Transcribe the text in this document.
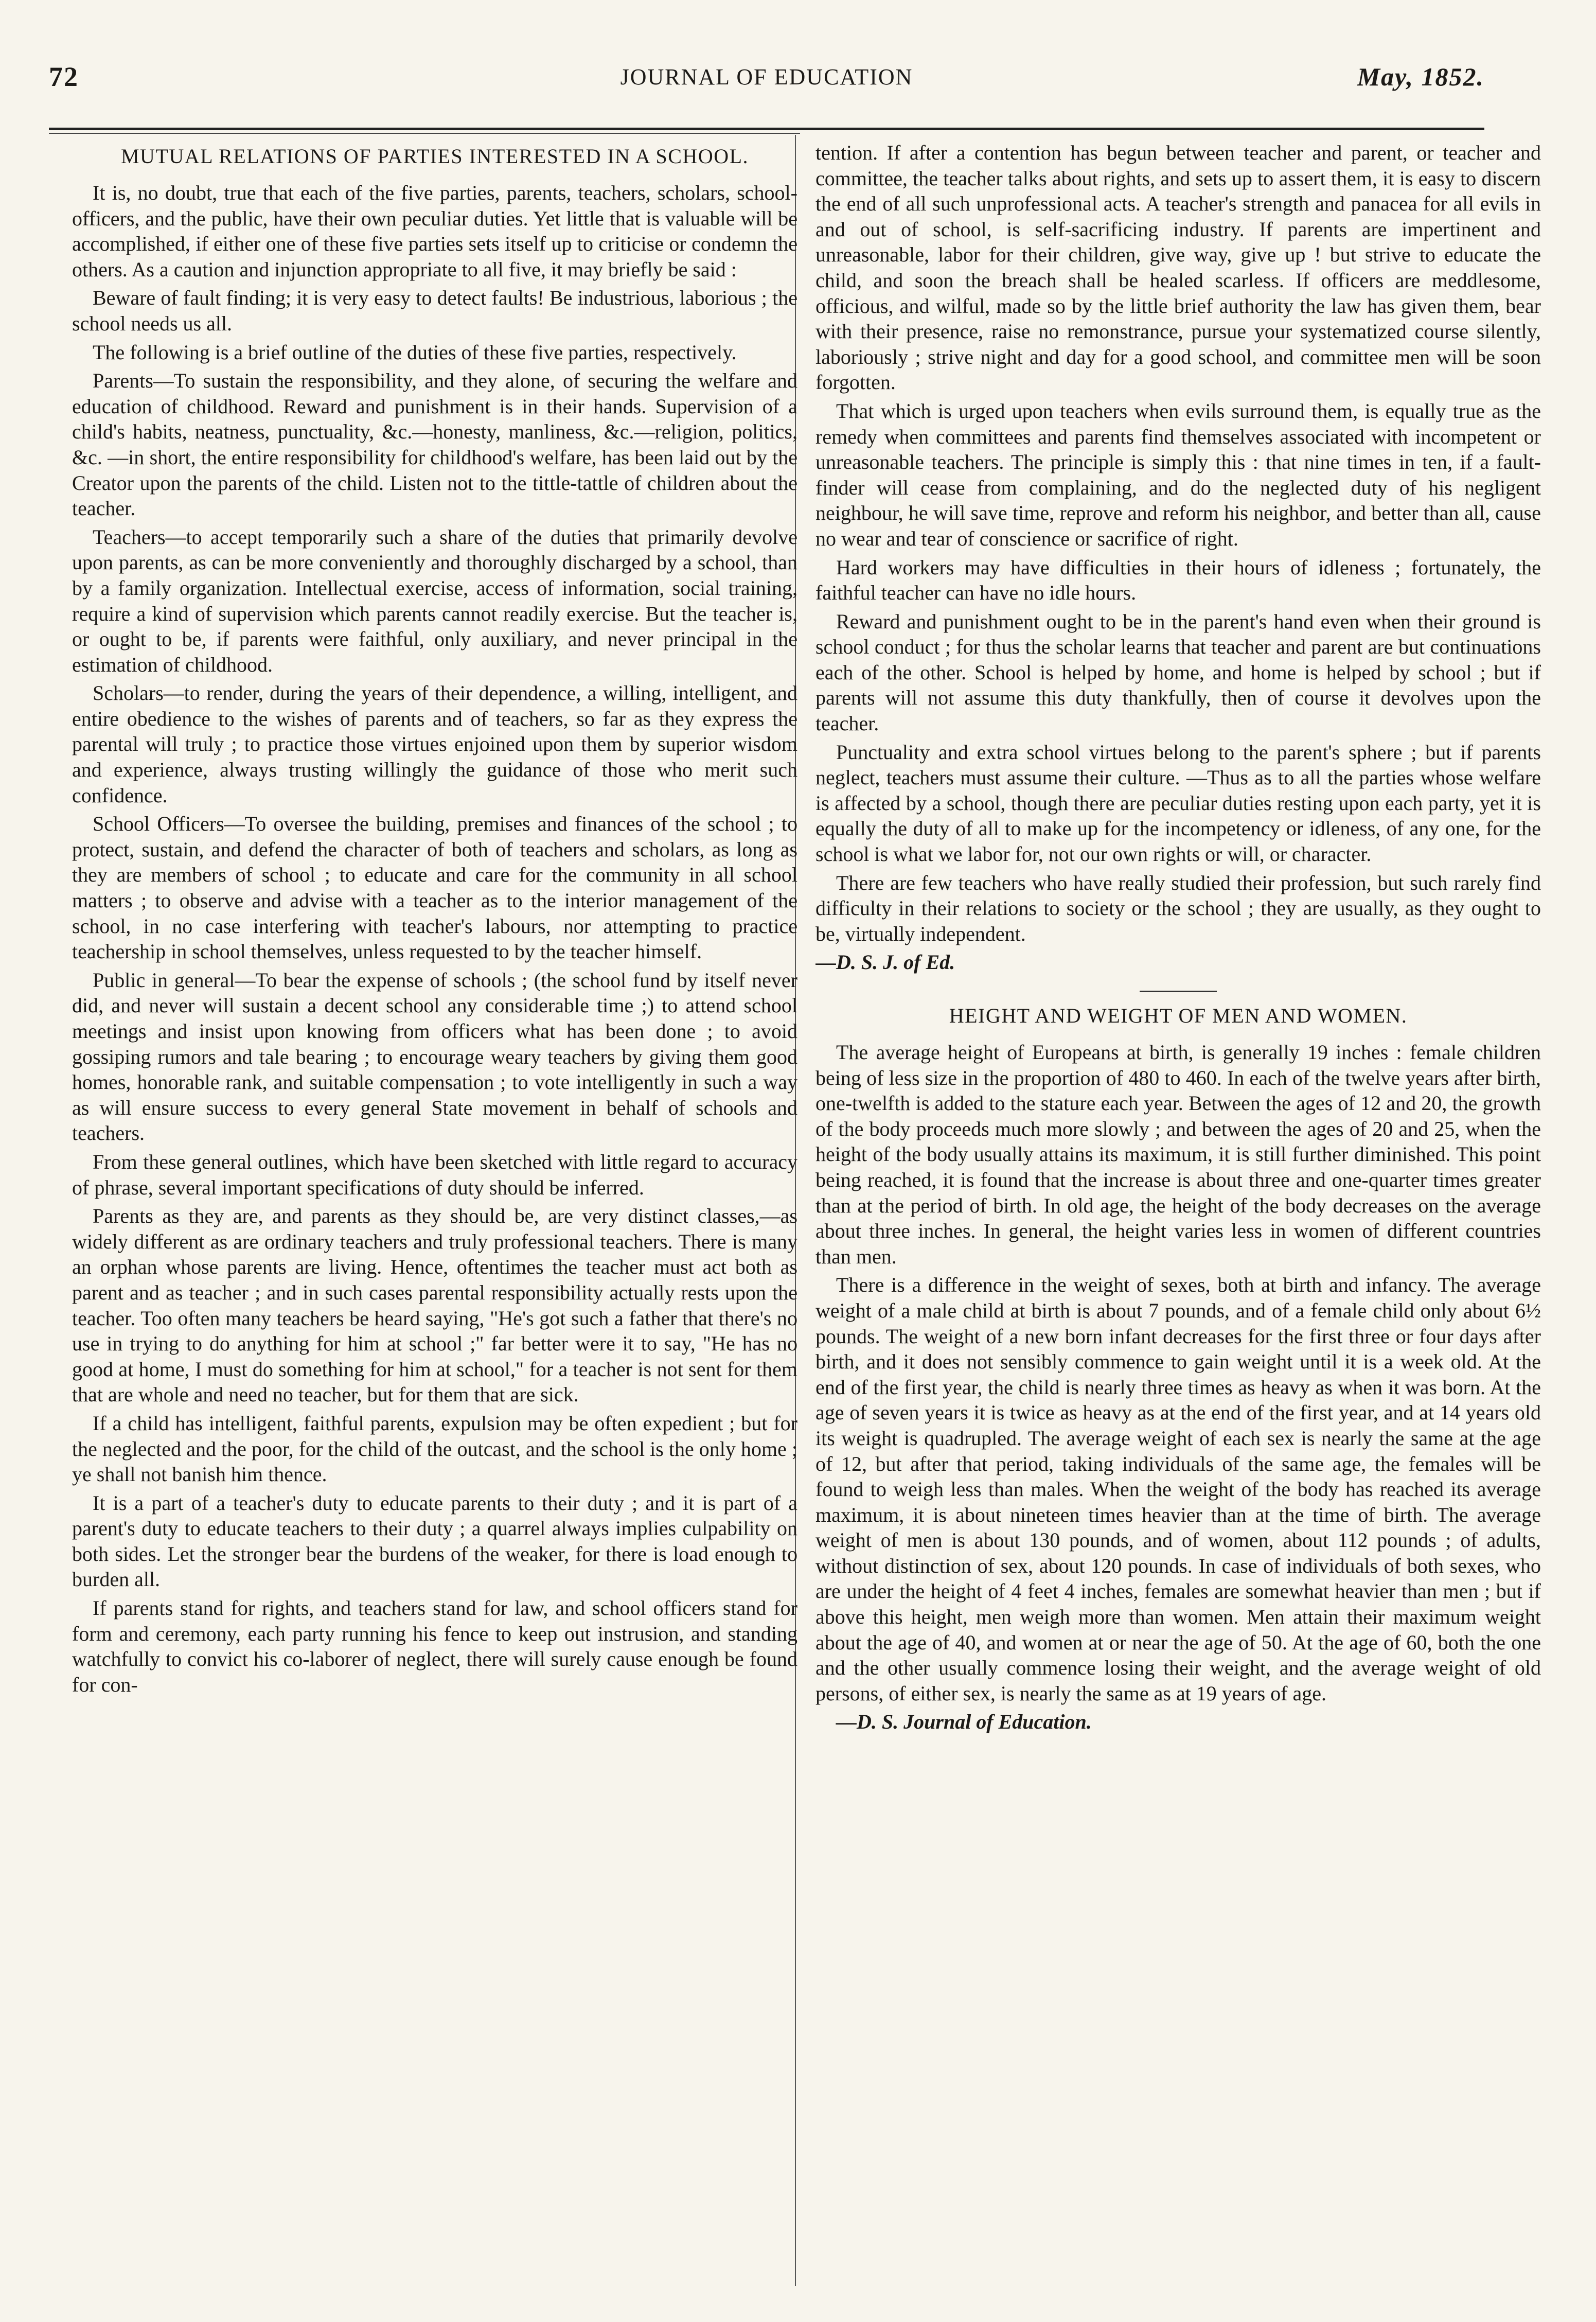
72	JOURNAL OF EDUCATION	May, 1852.
MUTUAL RELATIONS OF PARTIES INTERESTED IN A SCHOOL.

It is, no doubt, true that each of the five parties, parents, teachers, scholars, school-officers, and the public, have their own peculiar duties. Yet little that is valuable will be accomplished, if either one of these five parties sets itself up to criticise or condemn the others. As a caution and injunction appropriate to all five, it may briefly be said :

Beware of fault finding; it is very easy to detect faults! Be industrious, laborious ; the school needs us all.

The following is a brief outline of the duties of these five parties, respectively.

Parents—To sustain the responsibility, and they alone, of securing the welfare and education of childhood. Reward and punishment is in their hands. Supervision of a child's habits, neatness, punctuality, &c.—honesty, manliness, &c.—religion, politics, &c. —in short, the entire responsibility for childhood's welfare, has been laid out by the Creator upon the parents of the child. Listen not to the tittle-tattle of children about the teacher.

Teachers—to accept temporarily such a share of the duties that primarily devolve upon parents, as can be more conveniently and thoroughly discharged by a school, than by a family organization. Intellectual exercise, access of information, social training, require a kind of supervision which parents cannot readily exercise. But the teacher is, or ought to be, if parents were faithful, only auxiliary, and never principal in the estimation of childhood.

Scholars—to render, during the years of their dependence, a willing, intelligent, and entire obedience to the wishes of parents and of teachers, so far as they express the parental will truly ; to practice those virtues enjoined upon them by superior wisdom and experience, always trusting willingly the guidance of those who merit such confidence.

School Officers—To oversee the building, premises and finances of the school ; to protect, sustain, and defend the character of both of teachers and scholars, as long as they are members of school ; to educate and care for the community in all school matters ; to observe and advise with a teacher as to the interior management of the school, in no case interfering with teacher's labours, nor attempting to practice teachership in school themselves, unless requested to by the teacher himself.

Public in general—To bear the expense of schools ; (the school fund by itself never did, and never will sustain a decent school any considerable time ;) to attend school meetings and insist upon knowing from officers what has been done ; to avoid gossiping rumors and tale bearing ; to encourage weary teachers by giving them good homes, honorable rank, and suitable compensation ; to vote intelligently in such a way as will ensure success to every general State movement in behalf of schools and teachers.

From these general outlines, which have been sketched with little regard to accuracy of phrase, several important specifications of duty should be inferred.

Parents as they are, and parents as they should be, are very distinct classes,—as widely different as are ordinary teachers and truly professional teachers. There is many an orphan whose parents are living. Hence, oftentimes the teacher must act both as parent and as teacher ; and in such cases parental responsibility actually rests upon the teacher. Too often many teachers be heard saying, "He's got such a father that there's no use in trying to do anything for him at school ;" far better were it to say, "He has no good at home, I must do something for him at school," for a teacher is not sent for them that are whole and need no teacher, but for them that are sick.

If a child has intelligent, faithful parents, expulsion may be often expedient ; but for the neglected and the poor, for the child of the outcast, and the school is the only home ; ye shall not banish him thence.

It is a part of a teacher's duty to educate parents to their duty ; and it is part of a parent's duty to educate teachers to their duty ; a quarrel always implies culpability on both sides. Let the stronger bear the burdens of the weaker, for there is load enough to burden all.

If parents stand for rights, and teachers stand for law, and school officers stand for form and ceremony, each party running his fence to keep out instrusion, and standing watchfully to convict his co-laborer of neglect, there will surely cause enough be found for con-

tention. If after a contention has begun between teacher and parent, or teacher and committee, the teacher talks about rights, and sets up to assert them, it is easy to discern the end of all such unprofessional acts. A teacher's strength and panacea for all evils in and out of school, is self-sacrificing industry. If parents are impertinent and unreasonable, labor for their children, give way, give up ! but strive to educate the child, and soon the breach shall be healed scarless. If officers are meddlesome, officious, and wilful, made so by the little brief authority the law has given them, bear with their presence, raise no remonstrance, pursue your systematized course silently, laboriously ; strive night and day for a good school, and committee men will be soon forgotten.

That which is urged upon teachers when evils surround them, is equally true as the remedy when committees and parents find themselves associated with incompetent or unreasonable teachers. The principle is simply this : that nine times in ten, if a fault-finder will cease from complaining, and do the neglected duty of his negligent neighbour, he will save time, reprove and reform his neighbor, and better than all, cause no wear and tear of conscience or sacrifice of right.

Hard workers may have difficulties in their hours of idleness ; fortunately, the faithful teacher can have no idle hours.

Reward and punishment ought to be in the parent's hand even when their ground is school conduct ; for thus the scholar learns that teacher and parent are but continuations each of the other. School is helped by home, and home is helped by school ; but if parents will not assume this duty thankfully, then of course it devolves upon the teacher.

Punctuality and extra school virtues belong to the parent's sphere ; but if parents neglect, teachers must assume their culture. —Thus as to all the parties whose welfare is affected by a school, though there are peculiar duties resting upon each party, yet it is equally the duty of all to make up for the incompetency or idleness, of any one, for the school is what we labor for, not our own rights or will, or character.

There are few teachers who have really studied their profession, but such rarely find difficulty in their relations to society or the school ; they are usually, as they ought to be, virtually independent.

—D. S. J. of Ed.

HEIGHT AND WEIGHT OF MEN AND WOMEN.

The average height of Europeans at birth, is generally 19 inches : female children being of less size in the proportion of 480 to 460. In each of the twelve years after birth, one-twelfth is added to the stature each year. Between the ages of 12 and 20, the growth of the body proceeds much more slowly ; and between the ages of 20 and 25, when the height of the body usually attains its maximum, it is still further diminished. This point being reached, it is found that the increase is about three and one-quarter times greater than at the period of birth. In old age, the height of the body decreases on the average about three inches. In general, the height varies less in women of different countries than men.

There is a difference in the weight of sexes, both at birth and infancy. The average weight of a male child at birth is about 7 pounds, and of a female child only about 6½ pounds. The weight of a new born infant decreases for the first three or four days after birth, and it does not sensibly commence to gain weight until it is a week old. At the end of the first year, the child is nearly three times as heavy as when it was born. At the age of seven years it is twice as heavy as at the end of the first year, and at 14 years old its weight is quadrupled. The average weight of each sex is nearly the same at the age of 12, but after that period, taking individuals of the same age, the females will be found to weigh less than males. When the weight of the body has reached its average maximum, it is about nineteen times heavier than at the time of birth. The average weight of men is about 130 pounds, and of women, about 112 pounds ; of adults, without distinction of sex, about 120 pounds. In case of individuals of both sexes, who are under the height of 4 feet 4 inches, females are somewhat heavier than men ; but if above this height, men weigh more than women. Men attain their maximum weight about the age of 40, and women at or near the age of 50. At the age of 60, both the one and the other usually commence losing their weight, and the average weight of old persons, of either sex, is nearly the same as at 19 years of age.

—D. S. Journal of Education.
